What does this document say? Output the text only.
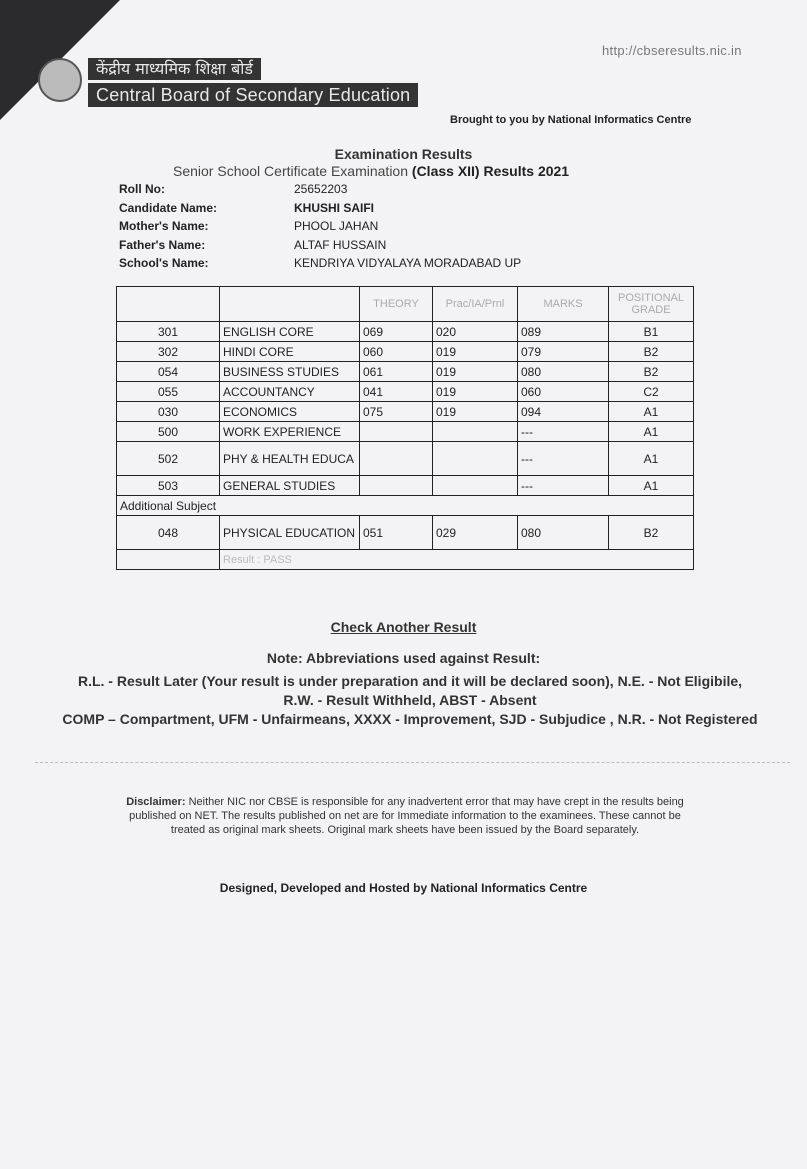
http://cbseresults.nic.in
केंद्रीय माध्यमिक शिक्षा बोर्ड
Central Board of Secondary Education
Brought to you by National Informatics Centre
Examination Results
Senior School Certificate Examination (Class XII) Results 2021
Roll No:	25652203
Candidate Name:	KHUSHI SAIFI
Mother's Name:	PHOOL JAHAN
Father's Name:	ALTAF HUSSAIN
School's Name:	KENDRIYA VIDYALAYA MORADABAD UP
		THEORY	Prac/IA/Prnl	MARKS	POSITIONAL GRADE
301	ENGLISH CORE	069	020	089	B1
302	HINDI CORE	060	019	079	B2
054	BUSINESS STUDIES	061	019	080	B2
055	ACCOUNTANCY	041	019	060	C2
030	ECONOMICS	075	019	094	A1
500	WORK EXPERIENCE			---	A1
502	PHY & HEALTH EDUCA			---	A1
503	GENERAL STUDIES			---	A1
Additional Subject					
048	PHYSICAL EDUCATION	051	029	080	B2
	Result : PASS				
Check Another Result
Note: Abbreviations used against Result:
R.L. - Result Later (Your result is under preparation and it will be declared soon), N.E. - Not Eligibile,
R.W. - Result Withheld, ABST - Absent
COMP – Compartment, UFM - Unfairmeans, XXXX - Improvement, SJD - Subjudice , N.R. - Not Registered
Disclaimer: Neither NIC nor CBSE is responsible for any inadvertent error that may have crept in the results being published on NET. The results published on net are for Immediate information to the examinees. These cannot be treated as original mark sheets. Original mark sheets have been issued by the Board separately.
Designed, Developed and Hosted by National Informatics Centre
